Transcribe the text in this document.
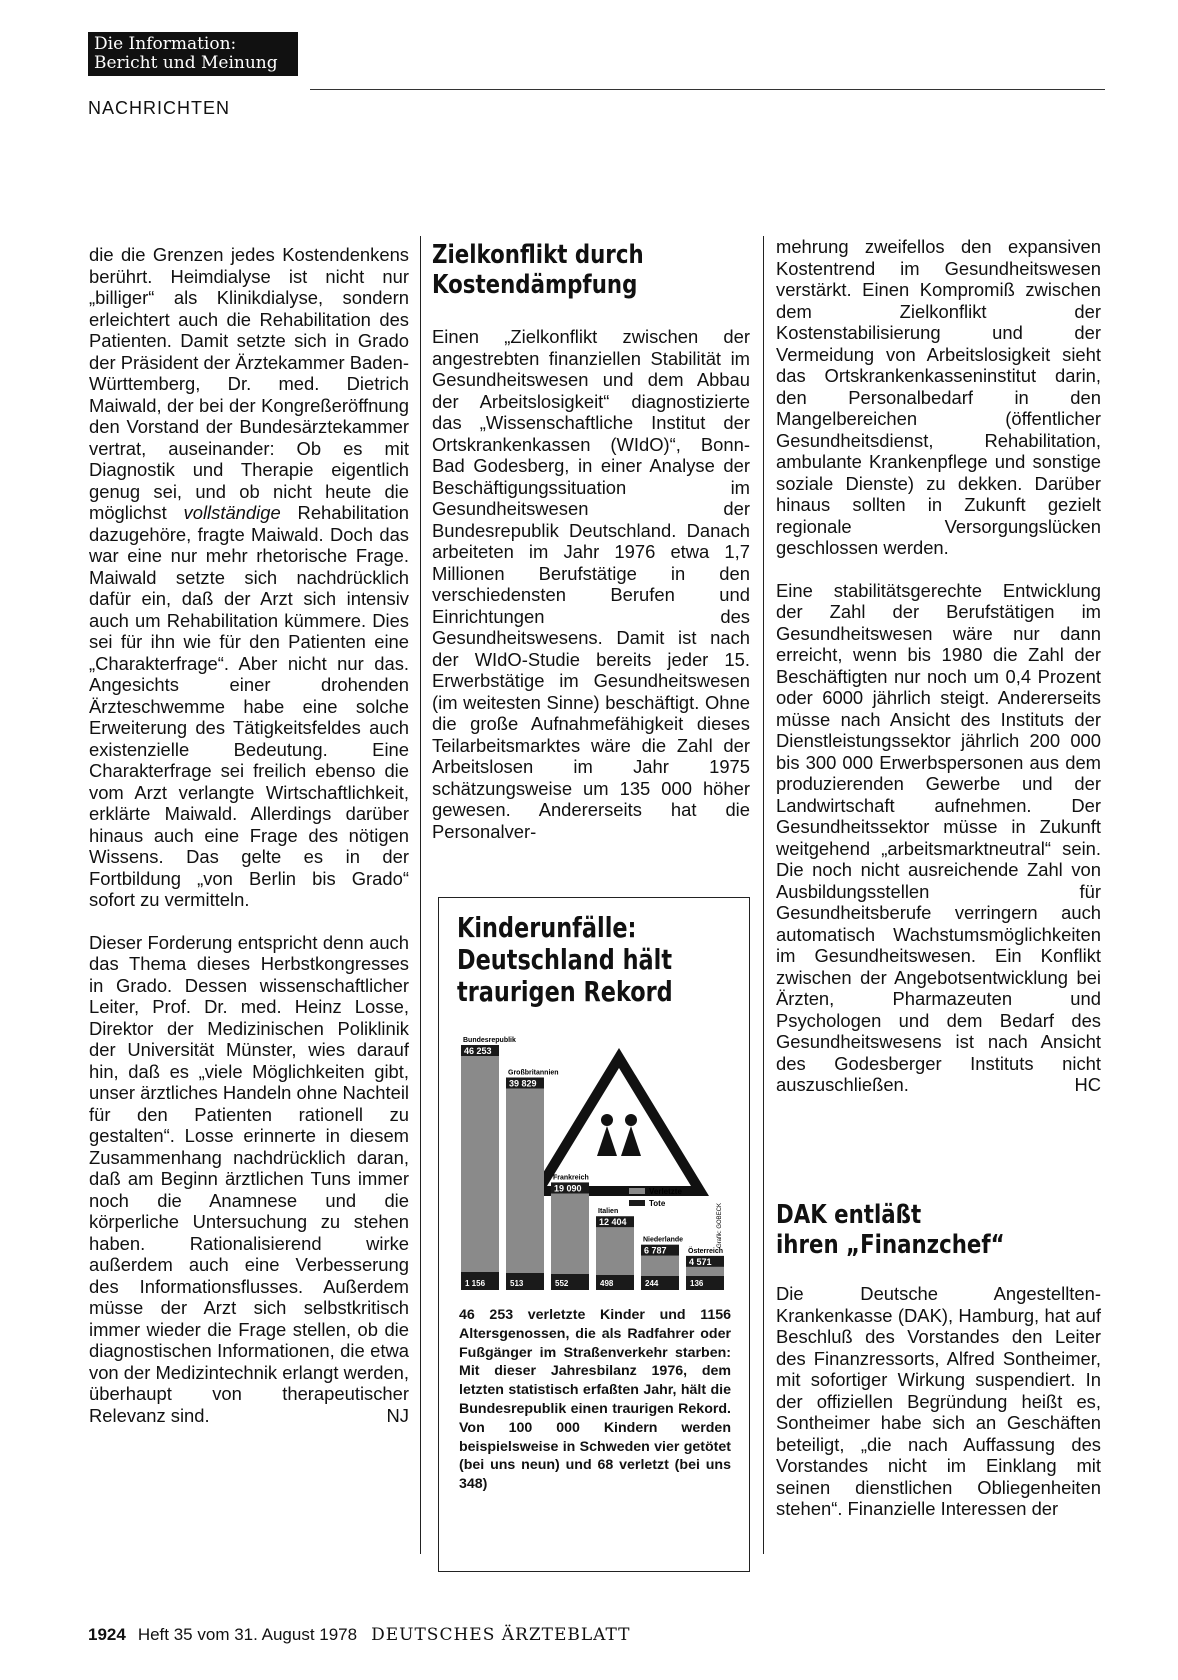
Die Information:
Bericht und Meinung
NACHRICHTEN

die die Grenzen jedes Kostendenkens berührt. Heimdialyse ist nicht nur „billiger“ als Klinikdialyse, sondern erleichtert auch die Rehabilitation des Patienten. Damit setzte sich in Grado der Präsident der Ärztekammer Baden-Württemberg, Dr. med. Dietrich Maiwald, der bei der Kongreßeröffnung den Vorstand der Bundesärztekammer vertrat, auseinander: Ob es mit Diagnostik und Therapie eigentlich genug sei, und ob nicht heute die möglichst vollständige Rehabilitation dazugehöre, fragte Maiwald. Doch das war eine nur mehr rhetorische Frage. Maiwald setzte sich nachdrücklich dafür ein, daß der Arzt sich intensiv auch um Rehabilitation kümmere. Dies sei für ihn wie für den Patienten eine „Charakterfrage“. Aber nicht nur das. Angesichts einer drohenden Ärzteschwemme habe eine solche Erweiterung des Tätigkeitsfeldes auch existenzielle Bedeutung. Eine Charakterfrage sei freilich ebenso die vom Arzt verlangte Wirtschaftlichkeit, erklärte Maiwald. Allerdings darüber hinaus auch eine Frage des nötigen Wissens. Das gelte es in der Fortbildung „von Berlin bis Grado“ sofort zu vermitteln.

Dieser Forderung entspricht denn auch das Thema dieses Herbstkongresses in Grado. Dessen wissenschaftlicher Leiter, Prof. Dr. med. Heinz Losse, Direktor der Medizinischen Poliklinik der Universität Münster, wies darauf hin, daß es „viele Möglichkeiten gibt, unser ärztliches Handeln ohne Nachteil für den Patienten rationell zu gestalten“. Losse erinnerte in diesem Zusammenhang nachdrücklich daran, daß am Beginn ärztlichen Tuns immer noch die Anamnese und die körperliche Untersuchung zu stehen haben. Rationalisierend wirke außerdem auch eine Verbesserung des Informationsflusses. Außerdem müsse der Arzt sich selbstkritisch immer wieder die Frage stellen, ob die diagnostischen Informationen, die etwa von der Medizintechnik erlangt werden, überhaupt von therapeutischer Relevanz sind.	NJ

Zielkonflikt durch
Kostendämpfung

Einen „Zielkonflikt zwischen der angestrebten finanziellen Stabilität im Gesundheitswesen und dem Abbau der Arbeitslosigkeit“ diagnostizierte das „Wissenschaftliche Institut der Ortskrankenkassen (WIdO)“, Bonn-Bad Godesberg, in einer Analyse der Beschäftigungssituation im Gesundheitswesen der Bundesrepublik Deutschland. Danach arbeiteten im Jahr 1976 etwa 1,7 Millionen Berufstätige in den verschiedensten Berufen und Einrichtungen des Gesundheitswesens. Damit ist nach der WIdO-Studie bereits jeder 15. Erwerbstätige im Gesundheitswesen (im weitesten Sinne) beschäftigt. Ohne die große Aufnahmefähigkeit dieses Teilarbeitsmarktes wäre die Zahl der Arbeitslosen im Jahr 1975 schätzungsweise um 135 000 höher gewesen. Andererseits hat die Personalver-

mehrung zweifellos den expansiven Kostentrend im Gesundheitswesen verstärkt. Einen Kompromiß zwischen dem Zielkonflikt der Kostenstabilisierung und der Vermeidung von Arbeitslosigkeit sieht das Ortskrankenkasseninstitut darin, den Personalbedarf in den Mangelbereichen (öffentlicher Gesundheitsdienst, Rehabilitation, ambulante Krankenpflege und sonstige soziale Dienste) zu dekken. Darüber hinaus sollten in Zukunft gezielt regionale Versorgungslücken geschlossen werden.

Eine stabilitätsgerechte Entwicklung der Zahl der Berufstätigen im Gesundheitswesen wäre nur dann erreicht, wenn bis 1980 die Zahl der Beschäftigten nur noch um 0,4 Prozent oder 6000 jährlich steigt. Andererseits müsse nach Ansicht des Instituts der Dienstleistungssektor jährlich 200 000 bis 300 000 Erwerbspersonen aus dem produzierenden Gewerbe und der Landwirtschaft aufnehmen. Der Gesundheitssektor müsse in Zukunft weitgehend „arbeitsmarktneutral“ sein. Die noch nicht ausreichende Zahl von Ausbildungsstellen für Gesundheitsberufe verringern auch automatisch Wachstumsmöglichkeiten im Gesundheitswesen. Ein Konflikt zwischen der Angebotsentwicklung bei Ärzten, Pharmazeuten und Psychologen und dem Bedarf des Gesundheitswesens ist nach Ansicht des Godesberger Instituts nicht auszuschließen.	HC

DAK entläßt
ihren „Finanzchef“

Die Deutsche Angestellten-Krankenkasse (DAK), Hamburg, hat auf Beschluß des Vorstandes den Leiter des Finanzressorts, Alfred Sontheimer, mit sofortiger Wirkung suspendiert. In der offiziellen Begründung heißt es, Sontheimer habe sich an Geschäften beteiligt, „die nach Auffassung des Vorstandes nicht im Einklang mit seinen dienstlichen Obliegenheiten stehen“. Finanzielle Interessen der

Kinderunfälle:
Deutschland hält
traurigen Rekord
Bundesrepublik
46 253
1 156
Großbritannien
39 829
513
Frankreich
19 090
552
Italien
12 404
498
Niederlande
6 787
244
Österreich
4 571
136
Verletzte
Tote	Grafik: GOBECK
46 253 verletzte Kinder und 1156 Altersgenossen, die als Radfahrer oder Fußgänger im Straßenverkehr starben: Mit dieser Jahresbilanz 1976, dem letzten statistisch erfaßten Jahr, hält die Bundesrepublik einen traurigen Rekord. Von 100 000 Kindern werden beispielsweise in Schweden vier getötet (bei uns neun) und 68 verletzt (bei uns 348)
1924 Heft 35 vom 31. August 1978 DEUTSCHES ÄRZTEBLATT
